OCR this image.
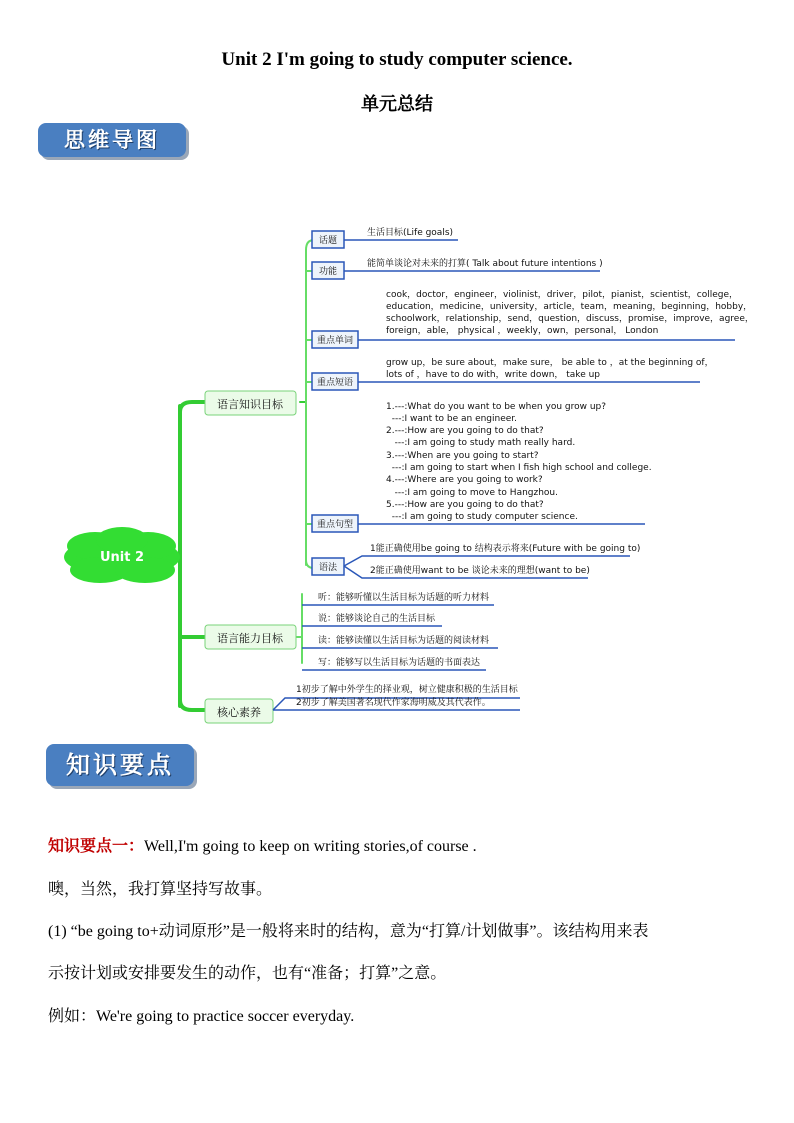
Unit 2 I'm going to study computer science.
单元总结
思维导图
Unit 2
语言知识目标
语言能力目标
核心素养
话题
功能
重点单词
重点短语
重点句型
语法
生活目标(Life goals)
能简单谈论对未来的打算( Talk about future intentions )
cook，doctor，engineer，violinist，driver，pilot，pianist，scientist，college，
education，medicine，university，article，team，meaning，beginning，hobby，
schoolwork，relationship，send，question，discuss，promise，improve，agree，
foreign，able， physical ，weekly，own，personal， London
grow up，be sure about，make sure， be able to ，at the beginning of，
lots of ，have to do with，write down， take up
1.---:What do you want to be when you grow up?
---:I want to be an engineer.
2.---:How are you going to do that?
---:I am going to study math really hard.
3.---:When are you going to start?
---:I am going to start when I fish high school and college.
4.---:Where are you going to work?
---:I am going to move to Hangzhou.
5.---:How are you going to do that?
---:I am going to study computer science.
1能正确使用be going to 结构表示将来(Future with be going to)
2能正确使用want to be 谈论未来的理想(want to be)
听：能够听懂以生活目标为话题的听力材料
说：能够谈论自己的生活目标
读：能够读懂以生活目标为话题的阅读材料
写：能够写以生活目标为话题的书面表达
1初步了解中外学生的择业观，树立健康积极的生活目标
2初步了解美国著名现代作家海明威及其代表作。
知识要点
知识要点一：Well,I'm going to keep on writing stories,of course .
噢，当然，我打算坚持写故事。
(1) “be going to+动词原形”是一般将来时的结构，意为“打算/计划做事”。该结构用来表
示按计划或安排要发生的动作，也有“准备；打算”之意。
例如：We're going to practice soccer everyday.
